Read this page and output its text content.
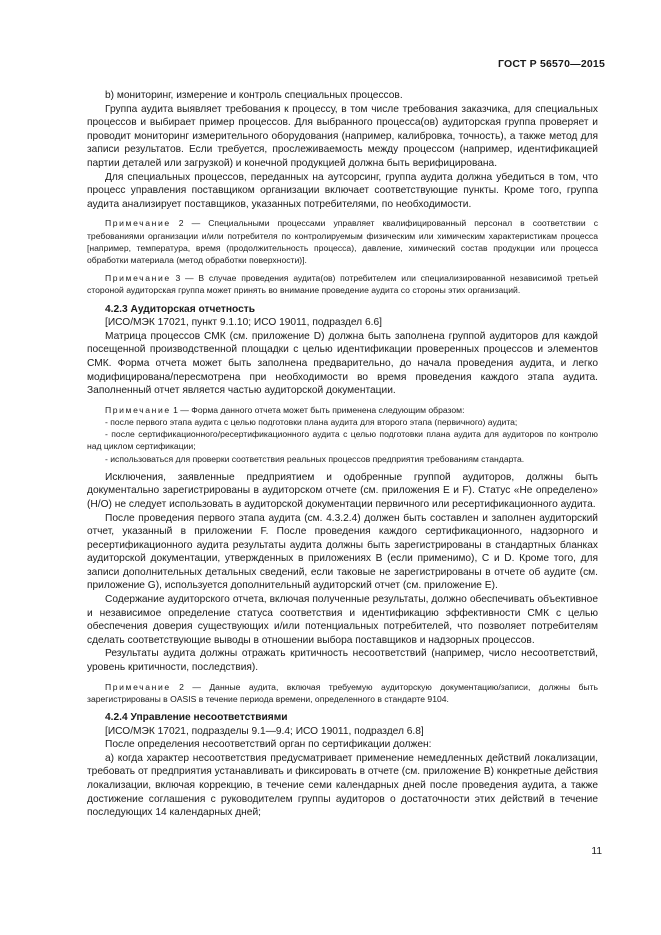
ГОСТ Р 56570—2015

b) мониторинг, измерение и контроль специальных процессов.

Группа аудита выявляет требования к процессу, в том числе требования заказчика, для специальных процессов и выбирает пример процессов. Для выбранного процесса(ов) аудиторская группа проверяет и проводит мониторинг измерительного оборудования (например, калибровка, точность), а также метод для записи результатов. Если требуется, прослеживаемость между процессом (например, идентификацией партии деталей или загрузкой) и конечной продукцией должна быть верифицирована.

Для специальных процессов, переданных на аутсорсинг, группа аудита должна убедиться в том, что процесс управления поставщиком организации включает соответствующие пункты. Кроме того, группа аудита анализирует поставщиков, указанных потребителями, по необходимости.

Примечание 2 — Специальными процессами управляет квалифицированный персонал в соответствии с требованиями организации и/или потребителя по контролируемым физическим или химическим характеристикам процесса [например, температура, время (продолжительность процесса), давление, химический состав продукции или процесса обработки материала (метод обработки поверхности)].

Примечание 3 — В случае проведения аудита(ов) потребителем или специализированной независимой третьей стороной аудиторская группа может принять во внимание проведение аудита со стороны этих организаций.

4.2.3 Аудиторская отчетность

[ИСО/МЭК 17021, пункт 9.1.10; ИСО 19011, подраздел 6.6]

Матрица процессов СМК (см. приложение D) должна быть заполнена группой аудиторов для каждой посещенной производственной площадки с целью идентификации проверенных процессов и элементов СМК. Форма отчета может быть заполнена предварительно, до начала проведения аудита, и легко модифицирована/пересмотрена при необходимости во время проведения каждого этапа аудита. Заполненный отчет является частью аудиторской документации.

Примечание 1 — Форма данного отчета может быть применена следующим образом:

- после первого этапа аудита с целью подготовки плана аудита для второго этапа (первичного) аудита;

- после сертификационного/ресертификационного аудита с целью подготовки плана аудита для аудиторов по контролю над циклом сертификации;

- использоваться для проверки соответствия реальных процессов предприятия требованиям стандарта.

Исключения, заявленные предприятием и одобренные группой аудиторов, должны быть документально зарегистрированы в аудиторском отчете (см. приложения E и F). Статус «Не определено» (Н/О) не следует использовать в аудиторской документации первичного или ресертификационного аудита.

После проведения первого этапа аудита (см. 4.3.2.4) должен быть составлен и заполнен аудиторский отчет, указанный в приложении F. После проведения каждого сертификационного, надзорного и ресертификационного аудита результаты аудита должны быть зарегистрированы в стандартных бланках аудиторской документации, утвержденных в приложениях B (если применимо), C и D. Кроме того, для записи дополнительных детальных сведений, если таковые не зарегистрированы в отчете об аудите (см. приложение G), используется дополнительный аудиторский отчет (см. приложение E).

Содержание аудиторского отчета, включая полученные результаты, должно обеспечивать объективное и независимое определение статуса соответствия и идентификацию эффективности СМК с целью обеспечения доверия существующих и/или потенциальных потребителей, что позволяет потребителям сделать соответствующие выводы в отношении выбора поставщиков и надзорных процессов.

Результаты аудита должны отражать критичность несоответствий (например, число несоответствий, уровень критичности, последствия).

Примечание 2 — Данные аудита, включая требуемую аудиторскую документацию/записи, должны быть зарегистрированы в OASIS в течение периода времени, определенного в стандарте 9104.

4.2.4 Управление несоответствиями

[ИСО/МЭК 17021, подразделы 9.1—9.4; ИСО 19011, подраздел 6.8]

После определения несоответствий орган по сертификации должен:

а) когда характер несоответствия предусматривает применение немедленных действий локализации, требовать от предприятия устанавливать и фиксировать в отчете (см. приложение В) конкретные действия локализации, включая коррекцию, в течение семи календарных дней после проведения аудита, а также достижение соглашения с руководителем группы аудиторов о достаточности этих действий в течение последующих 14 календарных дней;

11
